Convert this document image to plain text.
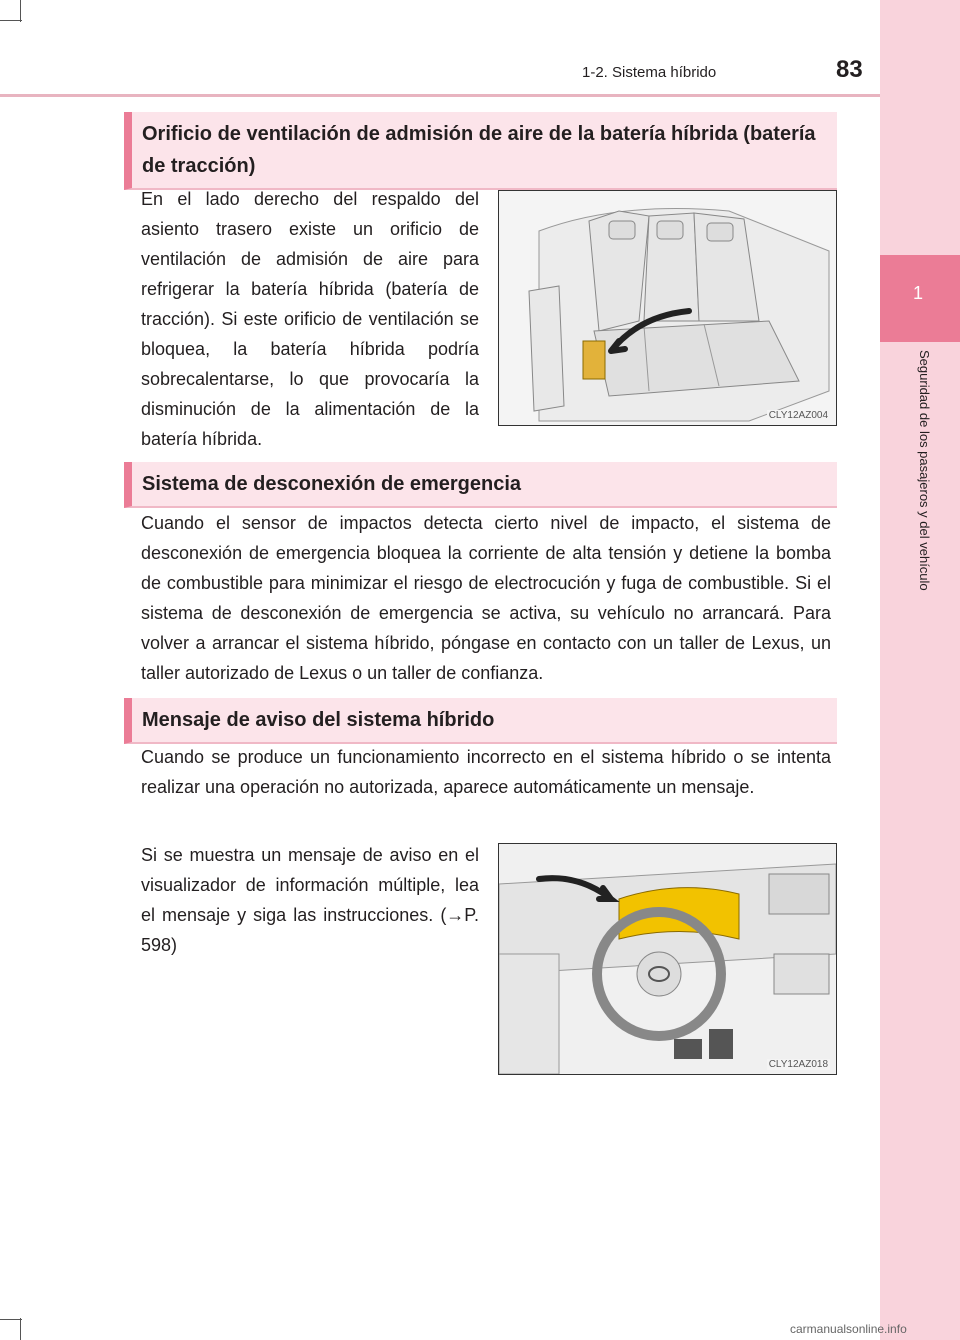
1
Seguridad de los pasajeros y del vehículo
1-2. Sistema híbrido	83
Orificio de ventilación de admisión de aire de la batería híbrida (batería de tracción)
En el lado derecho del respaldo del asiento trasero existe un orificio de ventilación de admisión de aire para refrigerar la batería híbrida (batería de tracción). Si este orificio de ventilación se bloquea, la batería híbrida podría sobrecalentarse, lo que provocaría la disminución de la alimentación de la batería híbrida.
CLY12AZ004
Sistema de desconexión de emergencia
Cuando el sensor de impactos detecta cierto nivel de impacto, el sistema de desconexión de emergencia bloquea la corriente de alta tensión y detiene la bomba de combustible para minimizar el riesgo de electrocución y fuga de combustible. Si el sistema de desconexión de emergencia se activa, su vehículo no arrancará. Para volver a arrancar el sistema híbrido, póngase en contacto con un taller de Lexus, un taller autorizado de Lexus o un taller de confianza.
Mensaje de aviso del sistema híbrido
Cuando se produce un funcionamiento incorrecto en el sistema híbrido o se intenta realizar una operación no autorizada, aparece automáticamente un mensaje.
Si se muestra un mensaje de aviso en el visualizador de información múltiple, lea el mensaje y siga las instrucciones. (→P. 598)
CLY12AZ018
carmanualsonline.info
